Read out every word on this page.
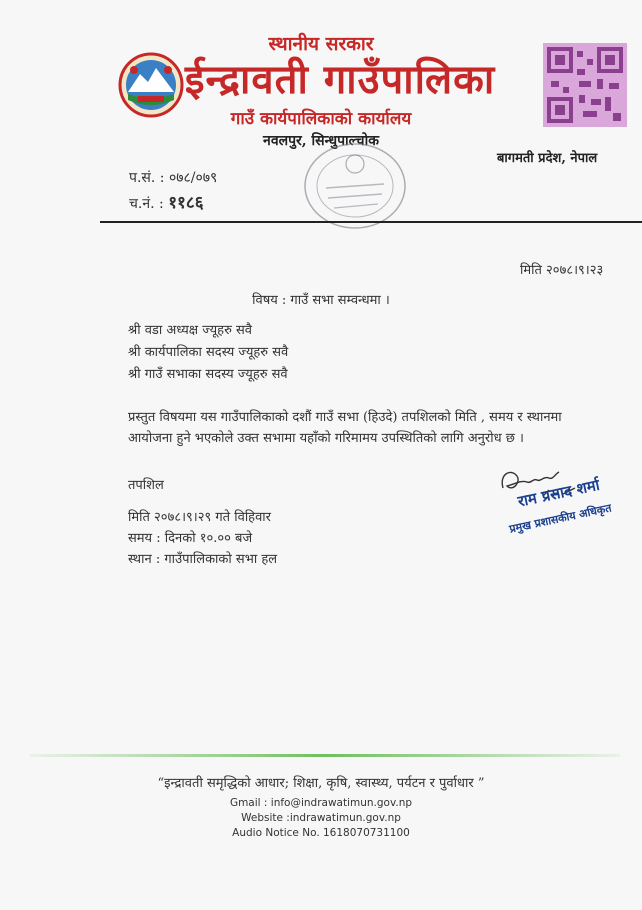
स्थानीय सरकार
ईन्द्रावती गाउँपालिका
गाउँ कार्यपालिकाको कार्यालय
नवलपुर, सिन्धुपाल्चोक
बागमती प्रदेश, नेपाल
प.सं. : ०७८/०७९
च.नं. : ११८६
मिति २०७८।९।२३
विषय : गाउँ सभा सम्वन्धमा ।
श्री वडा अध्यक्ष ज्यूहरु सवै
श्री कार्यपालिका सदस्य ज्यूहरु सवै
श्री गाउँ सभाका सदस्य ज्यूहरु सवै
प्रस्तुत विषयमा यस गाउँपालिकाको दशौं गाउँ सभा (हिउदे) तपशिलको मिति , समय र स्थानमा
आयोजना हुने भएकोले उक्त सभामा यहाँको गरिमामय उपस्थितिको लागि अनुरोध छ ।
तपशिल
मिति २०७८।९।२९ गते विहिवार
समय : दिनको १०.०० बजे
स्थान : गाउँपालिकाको सभा हल
राम प्रसाद शर्मा
प्रमुख प्रशासकीय अधिकृत
“इन्द्रावती समृद्धिको आधार; शिक्षा, कृषि, स्वास्थ्य, पर्यटन र पुर्वाधार ”
Gmail : info@indrawatimun.gov.np
Website :indrawatimun.gov.np
Audio Notice No. 1618070731100
